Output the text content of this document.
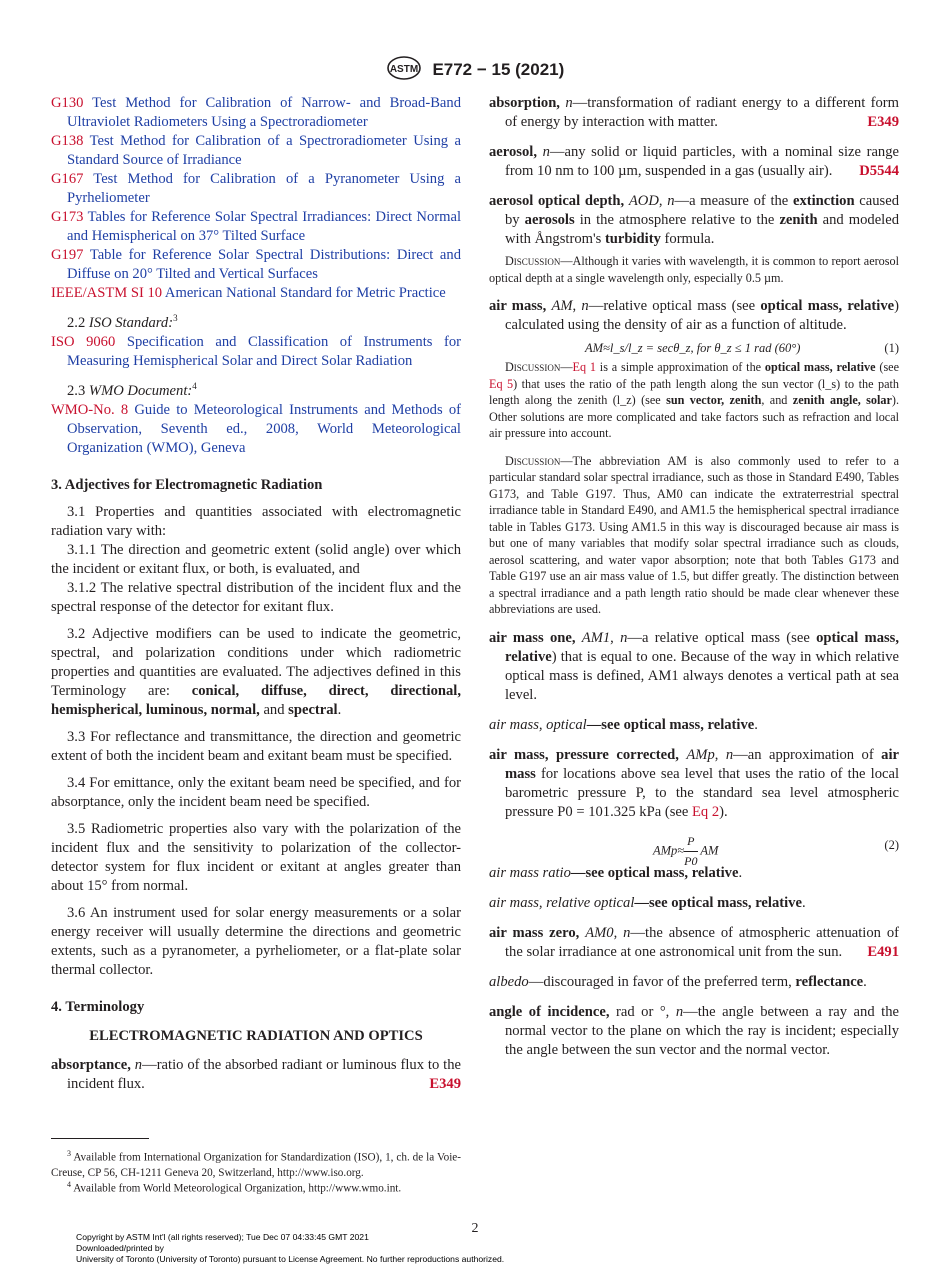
ASTM E772 − 15 (2021)

G130 Test Method for Calibration of Narrow- and Broad-Band Ultraviolet Radiometers Using a Spectroradiometer

G138 Test Method for Calibration of a Spectroradiometer Using a Standard Source of Irradiance

G167 Test Method for Calibration of a Pyranometer Using a Pyrheliometer

G173 Tables for Reference Solar Spectral Irradiances: Direct Normal and Hemispherical on 37° Tilted Surface

G197 Table for Reference Solar Spectral Distributions: Direct and Diffuse on 20° Tilted and Vertical Surfaces

IEEE/ASTM SI 10 American National Standard for Metric Practice

2.2 ISO Standard:$^3$

ISO 9060 Specification and Classification of Instruments for Measuring Hemispherical Solar and Direct Solar Radiation

2.3 WMO Document:$^4$

WMO-No. 8 Guide to Meteorological Instruments and Methods of Observation, Seventh ed., 2008, World Meteorological Organization (WMO), Geneva

3. Adjectives for Electromagnetic Radiation

3.1 Properties and quantities associated with electromagnetic radiation vary with:

3.1.1 The direction and geometric extent (solid angle) over which the incident or exitant flux, or both, is evaluated, and

3.1.2 The relative spectral distribution of the incident flux and the spectral response of the detector for exitant flux.

3.2 Adjective modifiers can be used to indicate the geometric, spectral, and polarization conditions under which radiometric properties and quantities are evaluated. The adjectives defined in this Terminology are: conical, diffuse, direct, directional, hemispherical, luminous, normal, and spectral.

3.3 For reflectance and transmittance, the direction and geometric extent of both the incident beam and exitant beam must be specified.

3.4 For emittance, only the exitant beam need be specified, and for absorptance, only the incident beam need be specified.

3.5 Radiometric properties also vary with the polarization of the incident flux and the sensitivity to polarization of the collector-detector system for flux incident or exitant at angles greater than about 15° from normal.

3.6 An instrument used for solar energy measurements or a solar energy receiver will usually determine the directions and geometric extents, such as a pyranometer, a pyrheliometer, or a flat-plate solar thermal collector.

4. Terminology

ELECTROMAGNETIC RADIATION AND OPTICS

absorptance, n—ratio of the absorbed radiant or luminous flux to the incident flux.	E349

$^3$ Available from International Organization for Standardization (ISO), 1, ch. de la Voie-Creuse, CP 56, CH-1211 Geneva 20, Switzerland, http://www.iso.org.
$^4$ Available from World Meteorological Organization, http://www.wmo.int.

absorption, n—transformation of radiant energy to a different form of energy by interaction with matter.	E349

aerosol, n—any solid or liquid particles, with a nominal size range from 10 nm to 100 µm, suspended in a gas (usually air). D5544

aerosol optical depth, AOD, n—a measure of the extinction caused by aerosols in the atmosphere relative to the zenith and modeled with Ångstrom's turbidity formula.

Discussion—Although it varies with wavelength, it is common to report aerosol optical depth at a single wavelength only, especially 0.5 µm.

air mass, AM, n—relative optical mass (see optical mass, relative) calculated using the density of air as a function of altitude.

AM≈l_s/l_z = secθ_z, for θ_z ≤ 1 rad (60°)	(1)

Discussion—Eq 1 is a simple approximation of the optical mass, relative (see Eq 5) that uses the ratio of the path length along the sun vector (l_s) to the path length along the zenith (l_z) (see sun vector, zenith, and zenith angle, solar). Other solutions are more complicated and take factors such as refraction and local air pressure into account.

Discussion—The abbreviation AM is also commonly used to refer to a particular standard solar spectral irradiance, such as those in Standard E490, Tables G173, and Table G197. Thus, AM0 can indicate the extraterrestrial spectral irradiance table in Standard E490, and AM1.5 the hemispherical spectral irradiance table in Tables G173. Using AM1.5 in this way is discouraged because air mass is but one of many variables that modify solar spectral irradiance such as clouds, aerosol scattering, and water vapor absorption; note that both Tables G173 and Table G197 use an air mass value of 1.5, but differ greatly. The distinction between a spectral irradiance and a path length ratio should be made clear whenever these abbreviations are used.

air mass one, AM1, n—a relative optical mass (see optical mass, relative) that is equal to one. Because of the way in which relative optical mass is defined, AM1 always denotes a vertical path at sea level.

air mass, optical—see optical mass, relative.

air mass, pressure corrected, AMp, n—an approximation of air mass for locations above sea level that uses the ratio of the local barometric pressure P, to the standard sea level atmospheric pressure P0 = 101.325 kPa (see Eq 2).

$AMp\approx \frac{P}{P0}$ AM	(2)

air mass ratio—see optical mass, relative.

air mass, relative optical—see optical mass, relative.

air mass zero, AM0, n—the absence of atmospheric attenuation of the solar irradiance at one astronomical unit from the sun. E491

albedo—discouraged in favor of the preferred term, reflectance.

angle of incidence, rad or °, n—the angle between a ray and the normal vector to the plane on which the ray is incident; especially the angle between the sun vector and the normal vector.

2
Copyright by ASTM Int'l (all rights reserved); Tue Dec 07 04:33:45 GMT 2021
Downloaded/printed by
University of Toronto (University of Toronto) pursuant to License Agreement. No further reproductions authorized.
